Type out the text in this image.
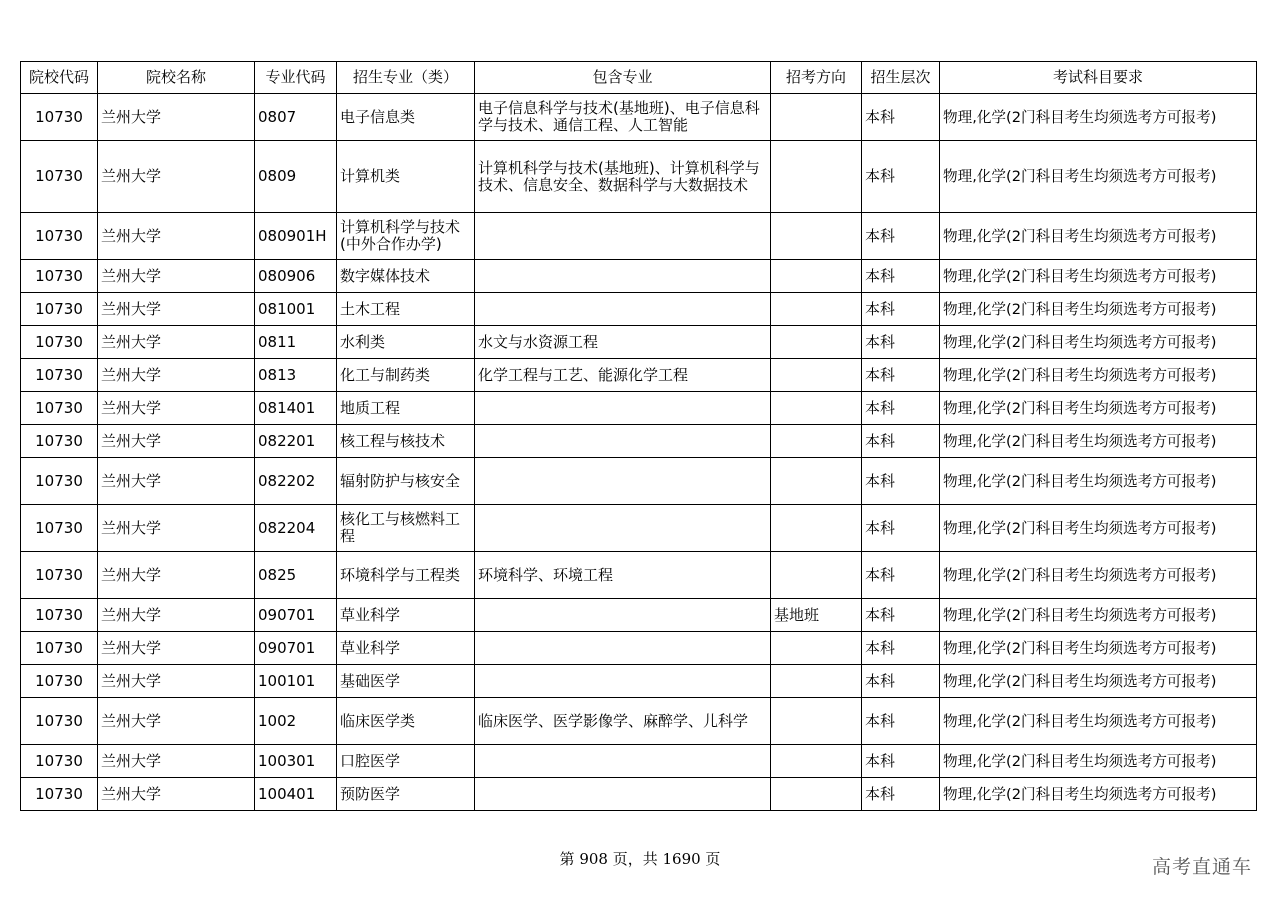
院校代码	院校名称	专业代码	招生专业（类）	包含专业	招考方向	招生层次	考试科目要求
10730	兰州大学	0807	电子信息类	电子信息科学与技术(基地班)、电子信息科学与技术、通信工程、人工智能		本科	物理,化学(2门科目考生均须选考方可报考)
10730	兰州大学	0809	计算机类	计算机科学与技术(基地班)、计算机科学与技术、信息安全、数据科学与大数据技术		本科	物理,化学(2门科目考生均须选考方可报考)
10730	兰州大学	080901H	计算机科学与技术(中外合作办学)			本科	物理,化学(2门科目考生均须选考方可报考)
10730	兰州大学	080906	数字媒体技术			本科	物理,化学(2门科目考生均须选考方可报考)
10730	兰州大学	081001	土木工程			本科	物理,化学(2门科目考生均须选考方可报考)
10730	兰州大学	0811	水利类	水文与水资源工程		本科	物理,化学(2门科目考生均须选考方可报考)
10730	兰州大学	0813	化工与制药类	化学工程与工艺、能源化学工程		本科	物理,化学(2门科目考生均须选考方可报考)
10730	兰州大学	081401	地质工程			本科	物理,化学(2门科目考生均须选考方可报考)
10730	兰州大学	082201	核工程与核技术			本科	物理,化学(2门科目考生均须选考方可报考)
10730	兰州大学	082202	辐射防护与核安全			本科	物理,化学(2门科目考生均须选考方可报考)
10730	兰州大学	082204	核化工与核燃料工程			本科	物理,化学(2门科目考生均须选考方可报考)
10730	兰州大学	0825	环境科学与工程类	环境科学、环境工程		本科	物理,化学(2门科目考生均须选考方可报考)
10730	兰州大学	090701	草业科学		基地班	本科	物理,化学(2门科目考生均须选考方可报考)
10730	兰州大学	090701	草业科学			本科	物理,化学(2门科目考生均须选考方可报考)
10730	兰州大学	100101	基础医学			本科	物理,化学(2门科目考生均须选考方可报考)
10730	兰州大学	1002	临床医学类	临床医学、医学影像学、麻醉学、儿科学		本科	物理,化学(2门科目考生均须选考方可报考)
10730	兰州大学	100301	口腔医学			本科	物理,化学(2门科目考生均须选考方可报考)
10730	兰州大学	100401	预防医学			本科	物理,化学(2门科目考生均须选考方可报考)
第 908 页，共 1690 页	高考直通车
